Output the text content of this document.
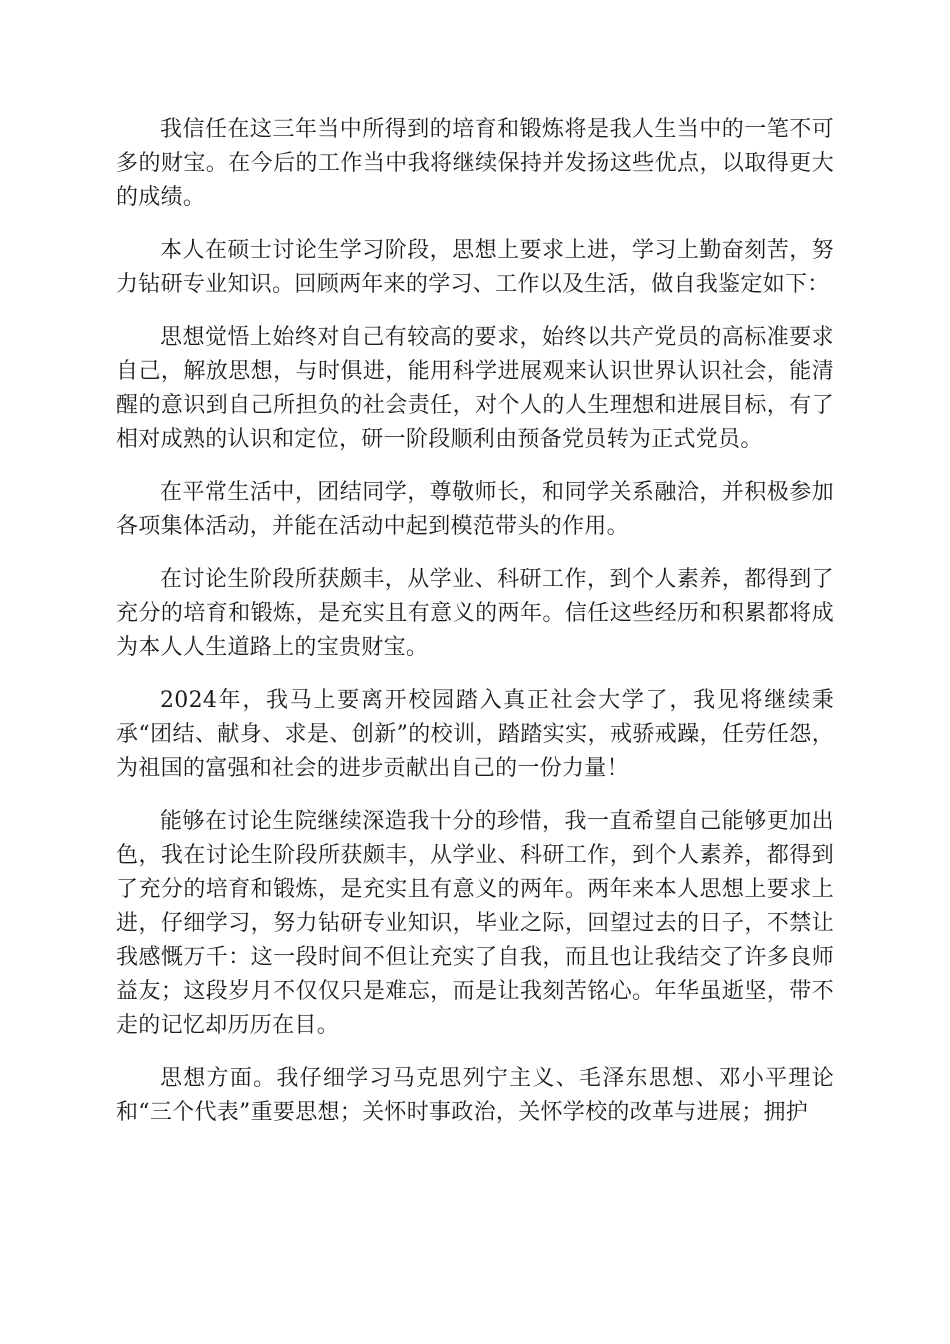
我信任在这三年当中所得到的培育和锻炼将是我人生当中的一笔不可多的财宝。在今后的工作当中我将继续保持并发扬这些优点，以取得更大的成绩。

本人在硕士讨论生学习阶段，思想上要求上进，学习上勤奋刻苦，努力钻研专业知识。回顾两年来的学习、工作以及生活，做自我鉴定如下：

思想觉悟上始终对自己有较高的要求，始终以共产党员的高标准要求自己，解放思想，与时俱进，能用科学进展观来认识世界认识社会，能清醒的意识到自己所担负的社会责任，对个人的人生理想和进展目标，有了相对成熟的认识和定位，研一阶段顺利由预备党员转为正式党员。

在平常生活中，团结同学，尊敬师长，和同学关系融洽，并积极参加各项集体活动，并能在活动中起到模范带头的作用。

在讨论生阶段所获颇丰，从学业、科研工作，到个人素养，都得到了充分的培育和锻炼，是充实且有意义的两年。信任这些经历和积累都将成为本人人生道路上的宝贵财宝。

2024年，我马上要离开校园踏入真正社会大学了，我见将继续秉承“团结、献身、求是、创新”的校训，踏踏实实，戒骄戒躁，任劳任怨，为祖国的富强和社会的进步贡献出自己的一份力量！

能够在讨论生院继续深造我十分的珍惜，我一直希望自己能够更加出色，我在讨论生阶段所获颇丰，从学业、科研工作，到个人素养，都得到了充分的培育和锻炼，是充实且有意义的两年。两年来本人思想上要求上进，仔细学习，努力钻研专业知识，毕业之际，回望过去的日子，不禁让我感慨万千：这一段时间不但让充实了自我，而且也让我结交了许多良师益友；这段岁月不仅仅只是难忘，而是让我刻苦铭心。年华虽逝坚，带不走的记忆却历历在目。

思想方面。我仔细学习马克思列宁主义、毛泽东思想、邓小平理论和“三个代表”重要思想；关怀时事政治，关怀学校的改革与进展；拥护
